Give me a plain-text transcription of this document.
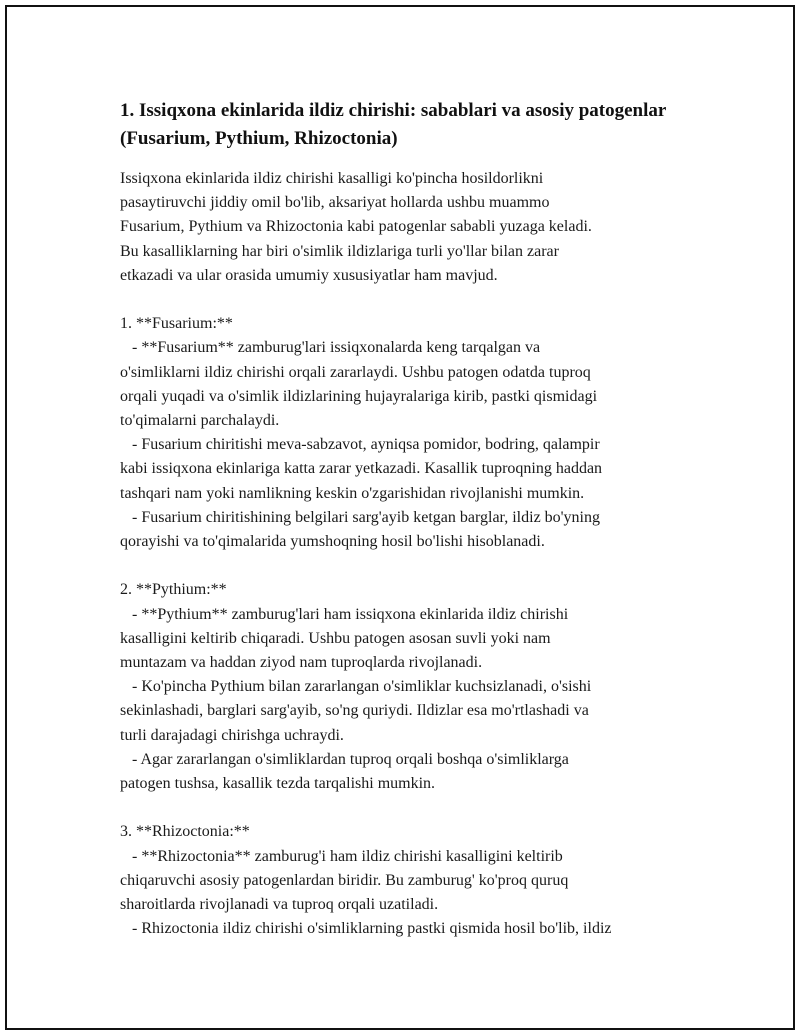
1. Issiqxona ekinlarida ildiz chirishi: sabablari va asosiy patogenlar (Fusarium, Pythium, Rhizoctonia)

Issiqxona ekinlarida ildiz chirishi kasalligi ko'pincha hosildorlikni
pasaytiruvchi jiddiy omil bo'lib, aksariyat hollarda ushbu muammo
Fusarium, Pythium va Rhizoctonia kabi patogenlar sababli yuzaga keladi.
Bu kasalliklarning har biri o'simlik ildizlariga turli yo'llar bilan zarar
etkazadi va ular orasida umumiy xususiyatlar ham mavjud.

1. **Fusarium:**
- **Fusarium** zamburug'lari issiqxonalarda keng tarqalgan va
o'simliklarni ildiz chirishi orqali zararlaydi. Ushbu patogen odatda tuproq
orqali yuqadi va o'simlik ildizlarining hujayralariga kirib, pastki qismidagi
to'qimalarni parchalaydi.
- Fusarium chiritishi meva-sabzavot, ayniqsa pomidor, bodring, qalampir
kabi issiqxona ekinlariga katta zarar yetkazadi. Kasallik tuproqning haddan
tashqari nam yoki namlikning keskin o'zgarishidan rivojlanishi mumkin.
- Fusarium chiritishining belgilari sarg'ayib ketgan barglar, ildiz bo'yning
qorayishi va to'qimalarida yumshoqning hosil bo'lishi hisoblanadi.

2. **Pythium:**
- **Pythium** zamburug'lari ham issiqxona ekinlarida ildiz chirishi
kasalligini keltirib chiqaradi. Ushbu patogen asosan suvli yoki nam
muntazam va haddan ziyod nam tuproqlarda rivojlanadi.
- Ko'pincha Pythium bilan zararlangan o'simliklar kuchsizlanadi, o'sishi
sekinlashadi, barglari sarg'ayib, so'ng quriydi. Ildizlar esa mo'rtlashadi va
turli darajadagi chirishga uchraydi.
- Agar zararlangan o'simliklardan tuproq orqali boshqa o'simliklarga
patogen tushsa, kasallik tezda tarqalishi mumkin.

3. **Rhizoctonia:**
- **Rhizoctonia** zamburug'i ham ildiz chirishi kasalligini keltirib
chiqaruvchi asosiy patogenlardan biridir. Bu zamburug' ko'proq quruq
sharoitlarda rivojlanadi va tuproq orqali uzatiladi.
- Rhizoctonia ildiz chirishi o'simliklarning pastki qismida hosil bo'lib, ildiz
